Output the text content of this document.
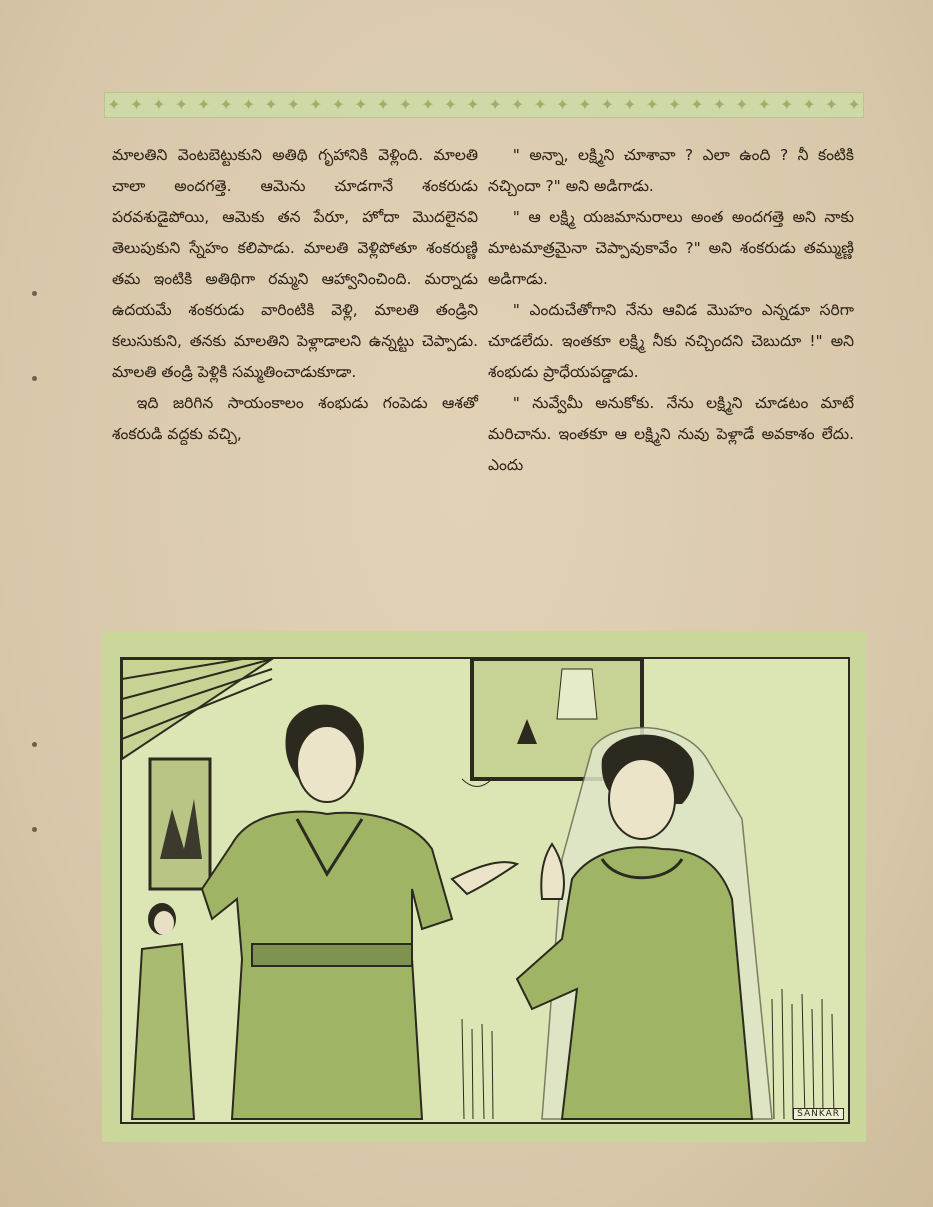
✦ ✦ ✦ ✦ ✦ ✦ ✦ ✦ ✦ ✦ ✦ ✦ ✦ ✦ ✦ ✦ ✦ ✦ ✦ ✦ ✦ ✦ ✦ ✦ ✦ ✦ ✦ ✦ ✦ ✦ ✦ ✦ ✦ ✦

మాలతిని వెంటబెట్టుకుని అతిథి గృహానికి వెళ్లింది. మాలతి చాలా అందగత్తె. ఆమెను చూడగానే శంకరుడు పరవశుడైపోయి, ఆమెకు తన పేరూ, హోదా మొదలైనవి తెలుపుకుని స్నేహం కలిపాడు. మాలతి వెళ్లిపోతూ శంకరుణ్ణి తమ ఇంటికి అతిథిగా రమ్మని ఆహ్వానించింది. మర్నాడు ఉదయమే శంకరుడు వారింటికి వెళ్లి, మాలతి తండ్రిని కలుసుకుని, తనకు మాలతిని పెళ్లాడాలని ఉన్నట్టు చెప్పాడు. మాలతి తండ్రి పెళ్లికి సమ్మతించాడుకూడా.

ఇది జరిగిన సాయంకాలం శంభుడు గంపెడు ఆశతో శంకరుడి వద్దకు వచ్చి,

" అన్నా, లక్ష్మిని చూశావా ? ఎలా ఉంది ? నీ కంటికి నచ్చిందా ?" అని అడిగాడు.

" ఆ లక్ష్మి యజమానురాలు అంత అందగత్తె అని నాకు మాటమాత్రమైనా చెప్పావుకావేం ?" అని శంకరుడు తమ్ముణ్ణి అడిగాడు.

" ఎందుచేతోగాని నేను ఆవిడ మొహం ఎన్నడూ సరిగా చూడలేదు. ఇంతకూ లక్ష్మి నీకు నచ్చిందని చెబుదూ !" అని శంభుడు ప్రాధేయపడ్డాడు.

" నువ్వేమీ అనుకోకు. నేను లక్ష్మిని చూడటం మాటే మరిచాను. ఇంతకూ ఆ లక్ష్మిని నువు పెళ్లాడే అవకాశం లేదు. ఎందు

SANKAR
